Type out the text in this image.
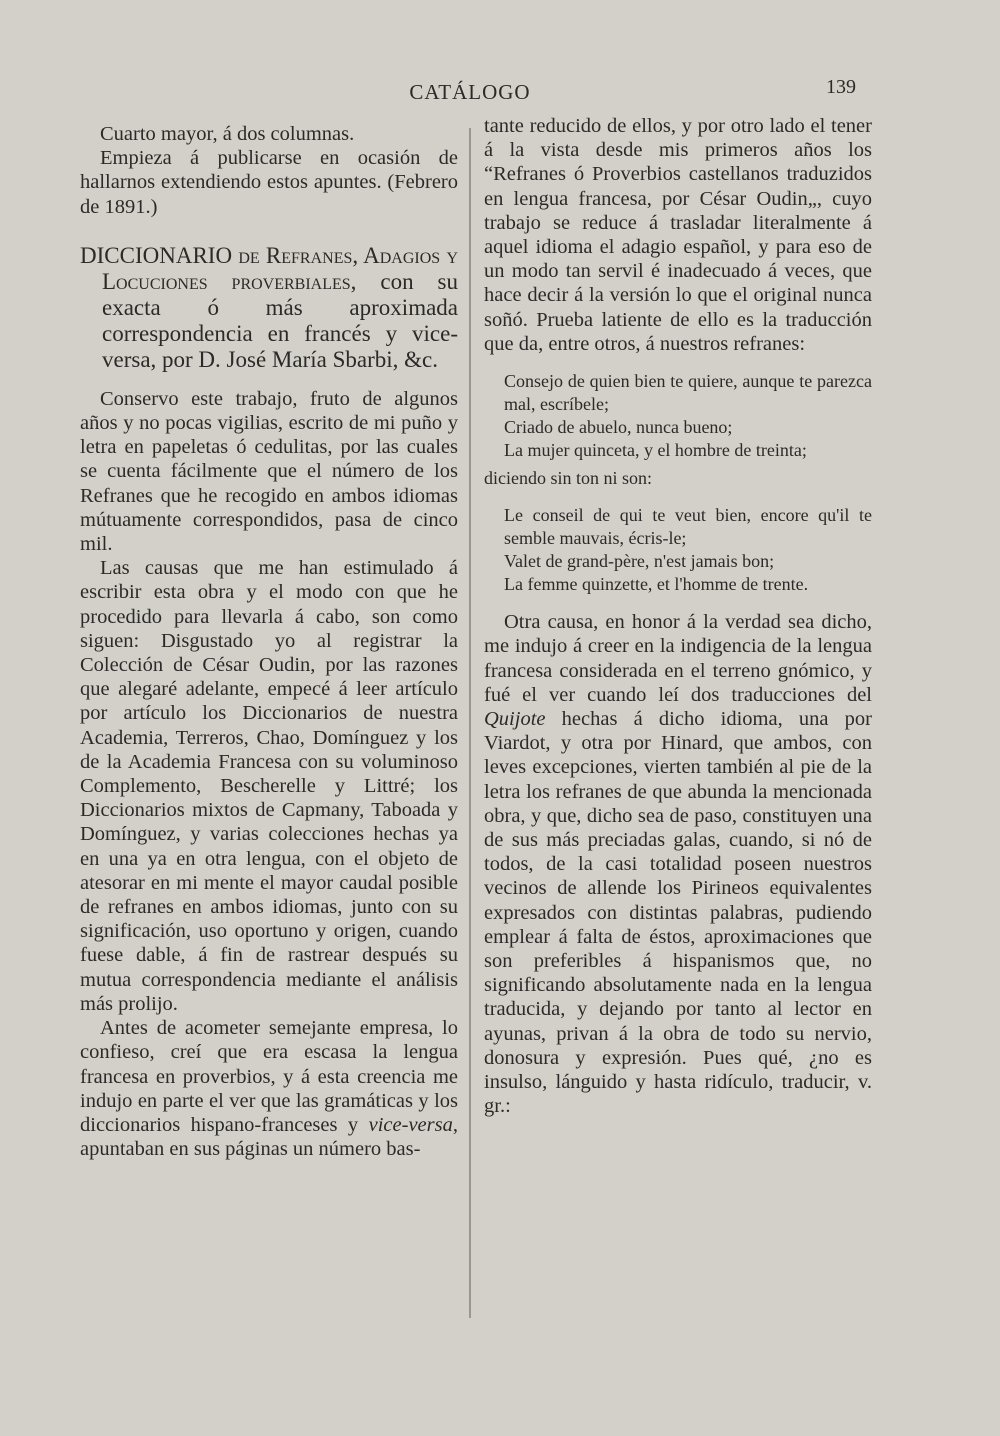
CATÁLOGO	139

Cuarto mayor, á dos columnas.

Empieza á publicarse en ocasión de hallarnos extendiendo estos apuntes. (Febrero de 1891.)

DICCIONARIO de Refranes, Adagios y Locuciones proverbiales, con su exacta ó más aproximada correspondencia en francés y vice-versa, por D. José María Sbarbi, &c.

Conservo este trabajo, fruto de algunos años y no pocas vigilias, escrito de mi puño y letra en papeletas ó cedulitas, por las cuales se cuenta fácilmente que el número de los Refranes que he recogido en ambos idiomas mútuamente correspondidos, pasa de cinco mil.

Las causas que me han estimulado á escribir esta obra y el modo con que he procedido para llevarla á cabo, son como siguen: Disgustado yo al registrar la Colección de César Oudin, por las razones que alegaré adelante, empecé á leer artículo por artículo los Diccionarios de nuestra Academia, Terreros, Chao, Domínguez y los de la Academia Francesa con su voluminoso Complemento, Bescherelle y Littré; los Diccionarios mixtos de Capmany, Taboada y Domínguez, y varias colecciones hechas ya en una ya en otra lengua, con el objeto de atesorar en mi mente el mayor caudal posible de refranes en ambos idiomas, junto con su significación, uso oportuno y origen, cuando fuese dable, á fin de rastrear después su mutua correspondencia mediante el análisis más prolijo.

Antes de acometer semejante empresa, lo confieso, creí que era escasa la lengua francesa en proverbios, y á esta creencia me indujo en parte el ver que las gramáticas y los diccionarios hispano-franceses y vice-versa, apuntaban en sus páginas un número bas-

tante reducido de ellos, y por otro lado el tener á la vista desde mis primeros años los “Refranes ó Proverbios castellanos traduzidos en lengua francesa, por César Oudin„, cuyo trabajo se reduce á trasladar literalmente á aquel idioma el adagio español, y para eso de un modo tan servil é inadecuado á veces, que hace decir á la versión lo que el original nunca soñó. Prueba latiente de ello es la traducción que da, entre otros, á nuestros refranes:

Consejo de quien bien te quiere, aunque te parezca mal, escríbele;

Criado de abuelo, nunca bueno;

La mujer quinceta, y el hombre de treinta;

diciendo sin ton ni son:

Le conseil de qui te veut bien, encore qu'il te semble mauvais, écris-le;

Valet de grand-père, n'est jamais bon;

La femme quinzette, et l'homme de trente.

Otra causa, en honor á la verdad sea dicho, me indujo á creer en la indigencia de la lengua francesa considerada en el terreno gnómico, y fué el ver cuando leí dos traducciones del Quijote hechas á dicho idioma, una por Viardot, y otra por Hinard, que ambos, con leves excepciones, vierten también al pie de la letra los refranes de que abunda la mencionada obra, y que, dicho sea de paso, constituyen una de sus más preciadas galas, cuando, si nó de todos, de la casi totalidad poseen nuestros vecinos de allende los Pirineos equivalentes expresados con distintas palabras, pudiendo emplear á falta de éstos, aproximaciones que son preferibles á hispanismos que, no significando absolutamente nada en la lengua traducida, y dejando por tanto al lector en ayunas, privan á la obra de todo su nervio, donosura y expresión. Pues qué, ¿no es insulso, lánguido y hasta ridículo, traducir, v. gr.:
